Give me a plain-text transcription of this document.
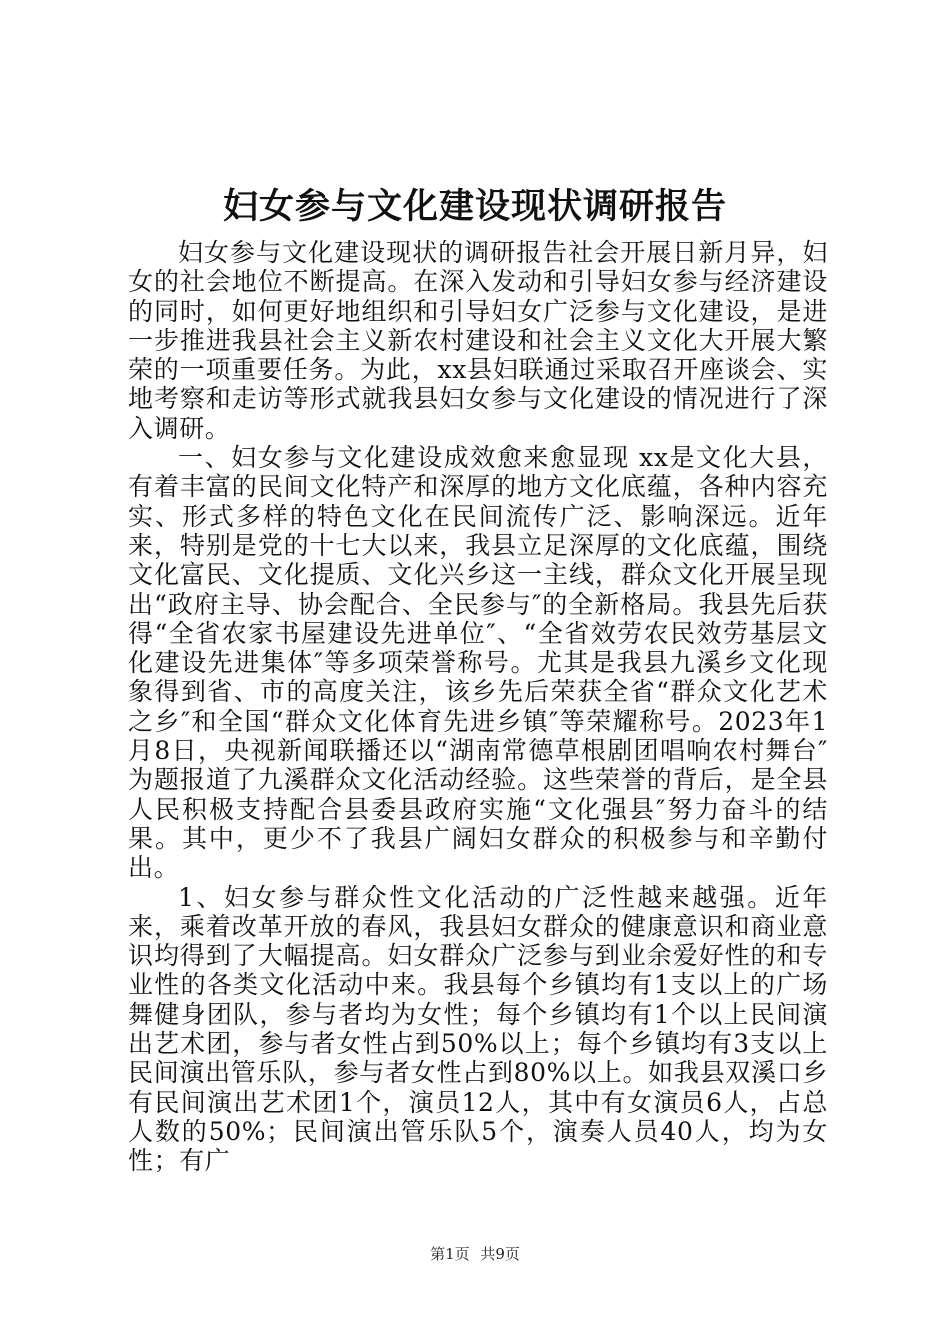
妇女参与文化建设现状调研报告

妇女参与文化建设现状的调研报告社会开展日新月异，妇女的社会地位不断提高。在深入发动和引导妇女参与经济建设的同时，如何更好地组织和引导妇女广泛参与文化建设，是进一步推进我县社会主义新农村建设和社会主义文化大开展大繁荣的一项重要任务。为此，xx县妇联通过采取召开座谈会、实地考察和走访等形式就我县妇女参与文化建设的情况进行了深入调研。

一、妇女参与文化建设成效愈来愈显现 xx是文化大县，有着丰富的民间文化特产和深厚的地方文化底蕴，各种内容充实、形式多样的特色文化在民间流传广泛、影响深远。近年来，特别是党的十七大以来，我县立足深厚的文化底蕴，围绕文化富民、文化提质、文化兴乡这一主线，群众文化开展呈现出“政府主导、协会配合、全民参与″的全新格局。我县先后获得“全省农家书屋建设先进单位″、“全省效劳农民效劳基层文化建设先进集体″等多项荣誉称号。尤其是我县九溪乡文化现象得到省、市的高度关注，该乡先后荣获全省“群众文化艺术之乡″和全国“群众文化体育先进乡镇″等荣耀称号。2023年1月8日，央视新闻联播还以“湖南常德草根剧团唱响农村舞台″为题报道了九溪群众文化活动经验。这些荣誉的背后，是全县人民积极支持配合县委县政府实施“文化强县″努力奋斗的结果。其中，更少不了我县广阔妇女群众的积极参与和辛勤付出。

1、妇女参与群众性文化活动的广泛性越来越强。近年来，乘着改革开放的春风，我县妇女群众的健康意识和商业意识均得到了大幅提高。妇女群众广泛参与到业余爱好性的和专业性的各类文化活动中来。我县每个乡镇均有1支以上的广场舞健身团队，参与者均为女性；每个乡镇均有1个以上民间演出艺术团，参与者女性占到50%以上；每个乡镇均有3支以上民间演出管乐队，参与者女性占到80%以上。如我县双溪口乡有民间演出艺术团1个，演员12人，其中有女演员6人，占总人数的50%；民间演出管乐队5个，演奏人员40人，均为女性；有广

第1页 共9页
